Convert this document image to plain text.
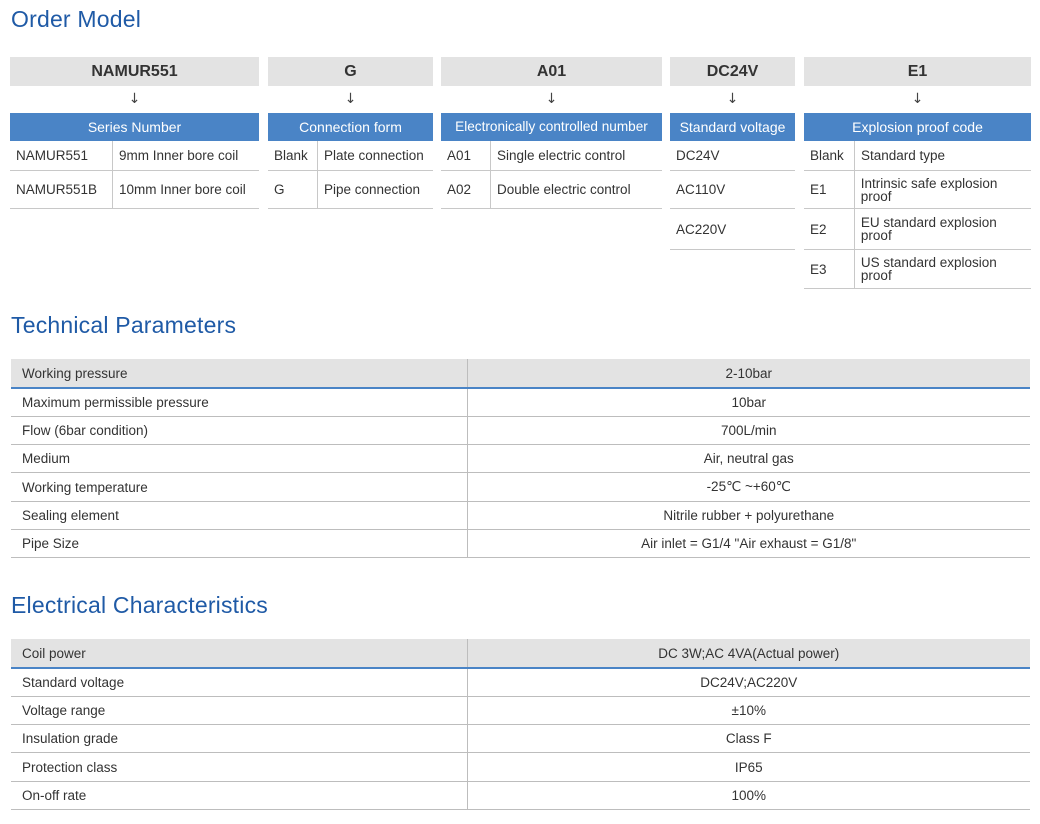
Order Model
NAMUR551
↓
Series Number
NAMUR551	9mm Inner bore coil
NAMUR551B	10mm Inner bore coil
G
↓
Connection form
Blank	Plate connection
G	Pipe connection
A01
↓
Electronically controlled number
A01	Single electric control
A02	Double electric control
DC24V
↓
Standard voltage
DC24V
AC110V
AC220V
E1
↓
Explosion proof code
Blank	Standard type
E1	Intrinsic safe explosion proof
E2	EU standard explosion proof
E3	US standard explosion proof
Technical Parameters
Working pressure	2-10bar
Maximum permissible pressure	10bar
Flow (6bar condition)	700L/min
Medium	Air, neutral gas
Working temperature	-25℃ ~+60℃
Sealing element	Nitrile rubber + polyurethane
Pipe Size	Air inlet = G1/4 "Air exhaust = G1/8"
Electrical Characteristics
Coil power	DC 3W;AC 4VA(Actual power)
Standard voltage	DC24V;AC220V
Voltage range	±10%
Insulation grade	Class F
Protection class	IP65
On-off rate	100%
